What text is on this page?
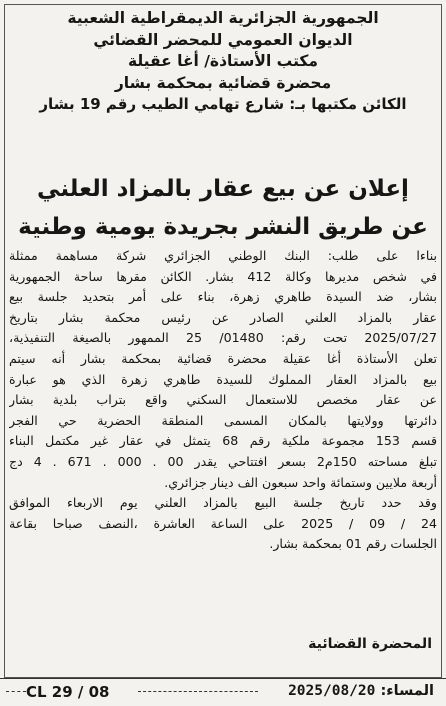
الجمهورية الجزائرية الديمقراطية الشعبية
الديوان العمومي للمحضر القضائي
مكتب الأستاذة/ أغا عقيلة
محضرة قضائية بمحكمة بشار
الكائن مكتبها بـ: شارع تهامي الطيب رقم 19 بشار
إعلان عن بيع عقار بالمزاد العلني
عن طريق النشر بجريدة يومية وطنية
بناءا على طلب: البنك الوطني الجزائري شركة مساهمة ممثلة
في شخص مديرها وكالة 412 بشار. الكائن مقرها ساحة الجمهورية
بشار، ضد السيدة طاهري زهرة، بناء على أمر بتحديد جلسة بيع
عقار بالمزاد العلني الصادر عن رئيس محكمة بشار بتاريخ
2025/07/27 تحت رقم: 01480/ 25 الممهور بالصيغة التنفيذية،
تعلن الأستاذة أغا عقيلة محضرة قضائية بمحكمة بشار أنه سيتم
بيع بالمزاد العقار المملوك للسيدة طاهري زهرة الذي هو عبارة
عن عقار مخصص للاستعمال السكني واقع بتراب بلدية بشار
دائرتها وولايتها بالمكان المسمى المنطقة الحضرية حي الفجر
قسم 153 مجموعة ملكية رقم 68 يتمثل في عقار غير مكتمل البناء
تبلغ مساحته 150م2 بسعر افتتاحي يقدر 00 . 000 . 671 . 4 دج
أربعة ملايين وستمائة واحد سبعون الف دينار جزائري.
وقد حدد تاريخ جلسة البيع بالمزاد العلني يوم الاربعاء الموافق
24 / 09 / 2025 على الساعة العاشرة ،النصف صباحا بقاعة
الجلسات رقم 01 بمحكمة بشار.
المحضرة القضائية
CL 29 / 08	المساء: 2025/08/20
